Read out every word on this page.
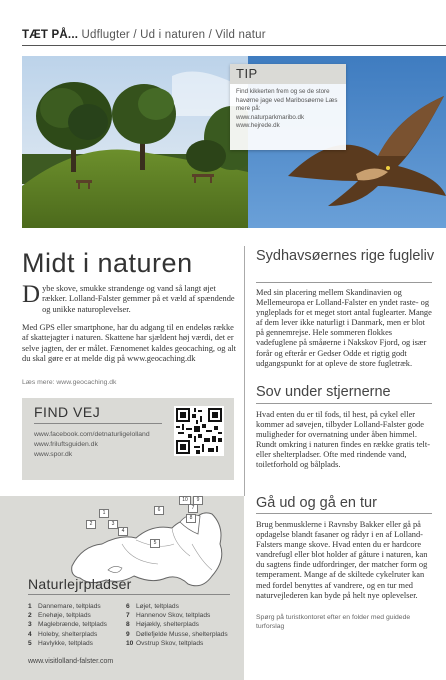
TÆT PÅ... Udflugter / Ud i naturen / Vild natur
TIP
Find kikkerten frem og se de store havørne jage ved Maribosøerne Læs mere på:
www.naturparkmaribo.dk
www.hejrede.dk
Midt i naturen
Dybe skove, smukke strandenge og vand så langt øjet rækker. Lolland-Falster gemmer på et væld af spændende og unikke naturoplevelser.
Med GPS eller smartphone, har du adgang til en endeløs række af skattejagter i naturen. Skattene har sjældent høj værdi, det er selve jagten, der er målet. Fænomenet kaldes geocaching, og alt du skal gøre er at melde dig på www.geocaching.dk
Læs mere: www.geocaching.dk
FIND VEJ
www.facebook.com/detnaturligelolland
www.friluftsguiden.dk
www.spor.dk
1
2	3
4
5
6	7
8
9
10
Naturlejrpladser
1 Dannemare, teltplads
2 Enehøje, teltplads
3 Maglebrænde, teltplads
4 Holeby, shelterplads
5 Havlykke, teltplads
6 Løjet, teltplads
7 Hannenov Skov, teltplads
8 Højækly, shelterplads
9 Døllefjelde Musse, shelterplads
10 Ovstrup Skov, teltplads
www.visitlolland-falster.com
Sydhavsøernes rige fugleliv
Med sin placering mellem Skandinavien og Mellemeuropa er Lolland-Falster en yndet raste- og yngleplads for et meget stort antal fuglearter. Mange af dem lever ikke naturligt i Danmark, men er blot på gennemrejse. Hele sommeren flokkes vadefuglene på småøerne i Nakskov Fjord, og især forår og efterår er Gedser Odde et rigtig godt udgangspunkt for at opleve de store fugletræk.
Sov under stjernerne
Hvad enten du er til fods, til hest, på cykel eller kommer ad søvejen, tilbyder Lolland-Falster gode muligheder for overnatning under åben himmel. Rundt omkring i naturen findes en række gratis telt- eller shelterpladser. Ofte med rindende vand, toiletforhold og bålplads.
Gå ud og gå en tur
Brug benmusklerne i Ravnsby Bakker eller gå på opdagelse blandt fasaner og rådyr i en af Lolland-Falsters mange skove. Hvad enten du er hardcore vandrefugl eller blot holder af gåture i naturen, kan du sagtens finde udfordringer, der matcher form og temperament. Mange af de skiltede cykelruter kan med fordel benyttes af vandrere, og en tur med naturvejlederen kan byde på helt nye oplevelser.
Spørg på turistkontoret efter en folder med guidede turforslag
